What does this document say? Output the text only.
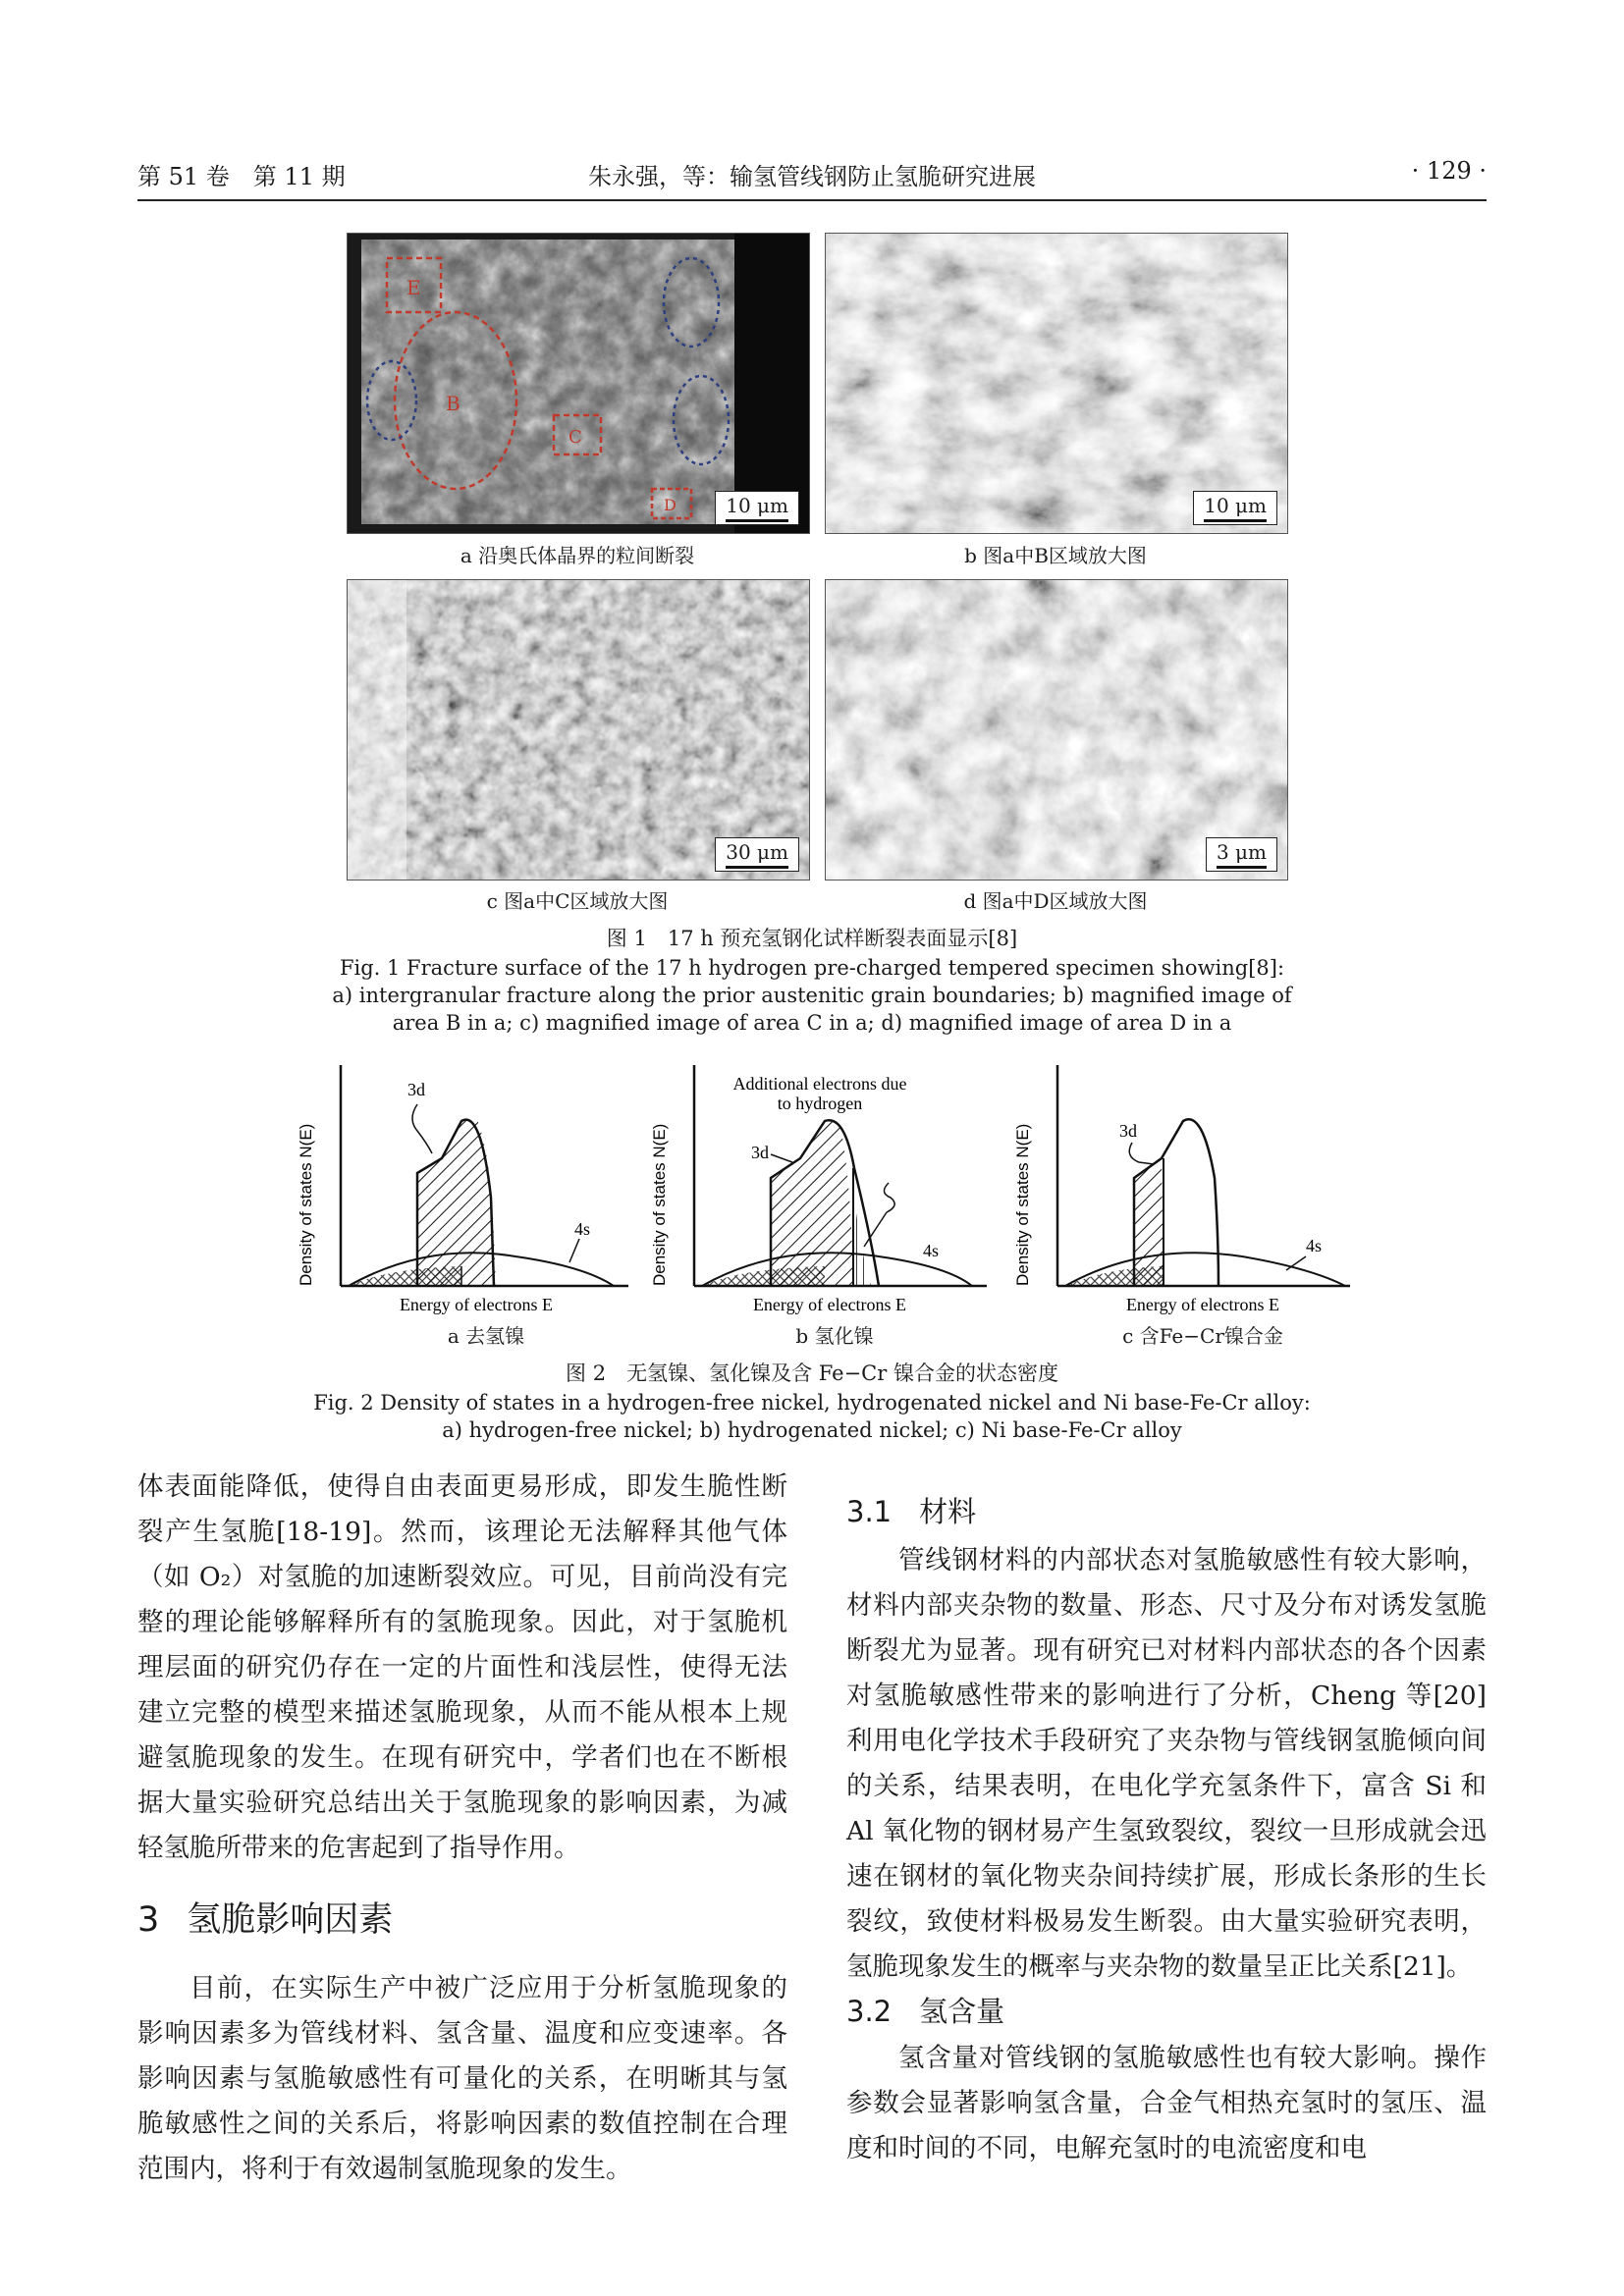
第 51 卷　第 11 期	朱永强，等：输氢管线钢防止氢脆研究进展	· 129 ·
E
B
C
D	10 μm	10 μm
a 沿奥氏体晶界的粒间断裂	b 图a中B区域放大图
30 μm	3 μm
c 图a中C区域放大图	d 图a中D区域放大图
图 1　17 h 预充氢钢化试样断裂表面显示[8]
Fig. 1 Fracture surface of the 17 h hydrogen pre-charged tempered specimen showing[8]:
a) intergranular fracture along the prior austenitic grain boundaries; b) magnified image of
area B in a; c) magnified image of area C in a; d) magnified image of area D in a
Density of states N(E)
3d
4s
Energy of electrons E
a 去氢镍
Density of states N(E)
Additional electrons due
to hydrogen
3d
4s
Energy of electrons E
b 氢化镍
Density of states N(E)	3d
4s
Energy of electrons E
c 含Fe−Cr镍合金
图 2　无氢镍、氢化镍及含 Fe−Cr 镍合金的状态密度
Fig. 2 Density of states in a hydrogen-free nickel, hydrogenated nickel and Ni base-Fe-Cr alloy:
a) hydrogen-free nickel; b) hydrogenated nickel; c) Ni base-Fe-Cr alloy

体表面能降低，使得自由表面更易形成，即发生脆性断裂产生氢脆[18-19]。然而，该理论无法解释其他气体（如 O₂）对氢脆的加速断裂效应。可见，目前尚没有完整的理论能够解释所有的氢脆现象。因此，对于氢脆机理层面的研究仍存在一定的片面性和浅层性，使得无法建立完整的模型来描述氢脆现象，从而不能从根本上规避氢脆现象的发生。在现有研究中，学者们也在不断根据大量实验研究总结出关于氢脆现象的影响因素，为减轻氢脆所带来的危害起到了指导作用。

3 氢脆影响因素

目前，在实际生产中被广泛应用于分析氢脆现象的影响因素多为管线材料、氢含量、温度和应变速率。各影响因素与氢脆敏感性有可量化的关系，在明晰其与氢脆敏感性之间的关系后，将影响因素的数值控制在合理范围内，将利于有效遏制氢脆现象的发生。

3.1 材料

管线钢材料的内部状态对氢脆敏感性有较大影响，材料内部夹杂物的数量、形态、尺寸及分布对诱发氢脆断裂尤为显著。现有研究已对材料内部状态的各个因素对氢脆敏感性带来的影响进行了分析，Cheng 等[20]利用电化学技术手段研究了夹杂物与管线钢氢脆倾向间的关系，结果表明，在电化学充氢条件下，富含 Si 和 Al 氧化物的钢材易产生氢致裂纹，裂纹一旦形成就会迅速在钢材的氧化物夹杂间持续扩展，形成长条形的生长裂纹，致使材料极易发生断裂。由大量实验研究表明，氢脆现象发生的概率与夹杂物的数量呈正比关系[21]。

3.2 氢含量

氢含量对管线钢的氢脆敏感性也有较大影响。操作参数会显著影响氢含量，合金气相热充氢时的氢压、温度和时间的不同，电解充氢时的电流密度和电
